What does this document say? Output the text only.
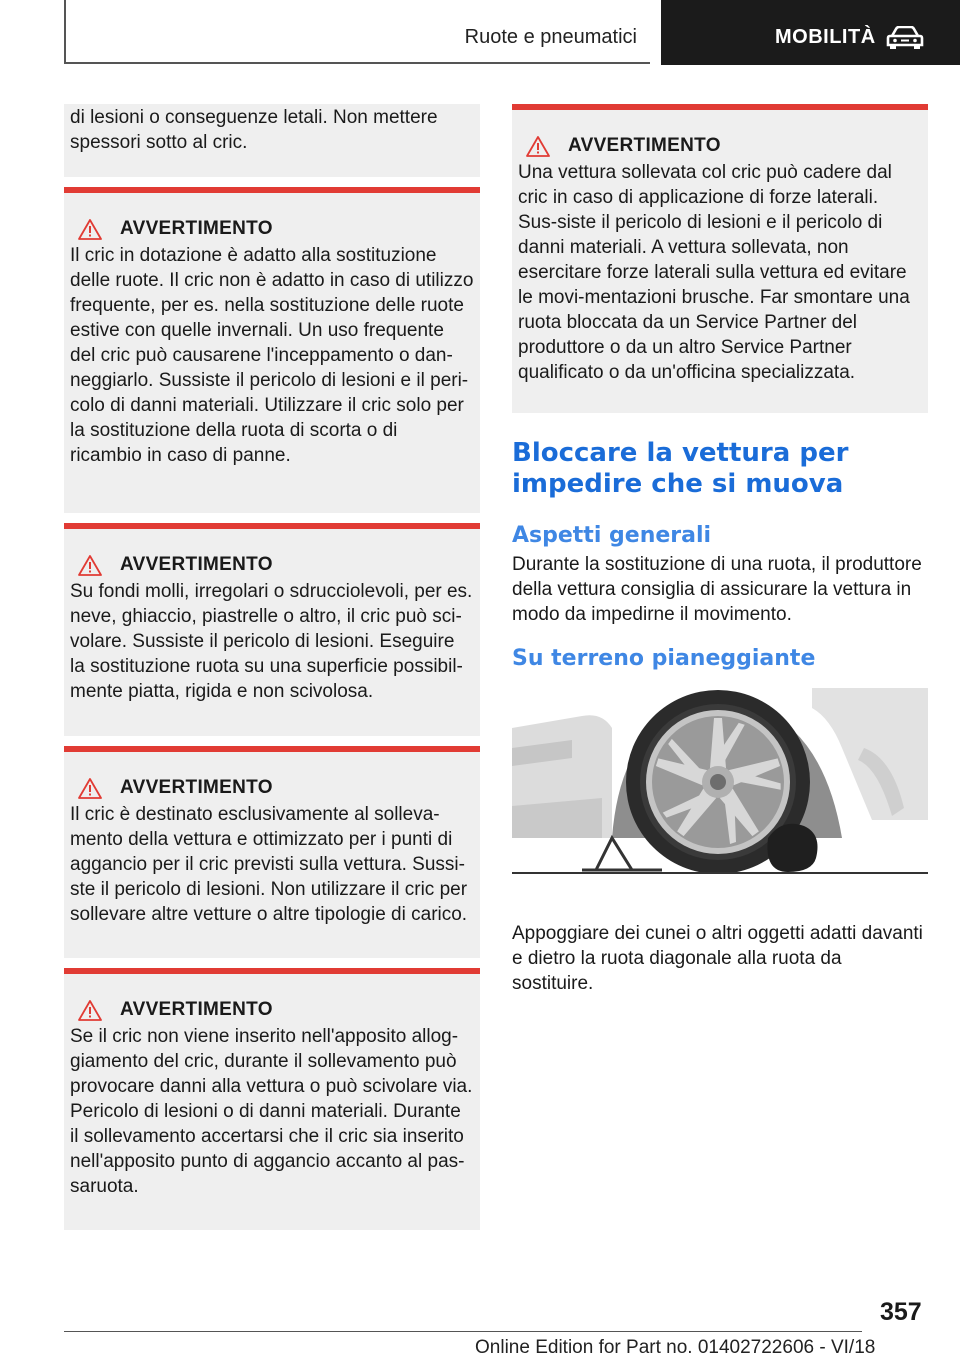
Ruote e pneumatici	MOBILITÀ

di lesioni o conseguenze letali. Non mettere spessori sotto al cric.

AVVERTIMENTO

Il cric in dotazione è adatto alla sostituzione delle ruote. Il cric non è adatto in caso di utilizzo frequente, per es. nella sostituzione delle ruote estive con quelle invernali. Un uso frequente del cric può causarene l'inceppamento o dan-neggiarlo. Sussiste il pericolo di lesioni e il peri-colo di danni materiali. Utilizzare il cric solo per la sostituzione della ruota di scorta o di ricambio in caso di panne.

AVVERTIMENTO

Su fondi molli, irregolari o sdrucciolevoli, per es. neve, ghiaccio, piastrelle o altro, il cric può sci-volare. Sussiste il pericolo di lesioni. Eseguire la sostituzione ruota su una superficie possibil-mente piatta, rigida e non scivolosa.

AVVERTIMENTO

Il cric è destinato esclusivamente al solleva-mento della vettura e ottimizzato per i punti di aggancio per il cric previsti sulla vettura. Sussi-ste il pericolo di lesioni. Non utilizzare il cric per sollevare altre vetture o altre tipologie di carico.

AVVERTIMENTO

Se il cric non viene inserito nell'apposito allog-giamento del cric, durante il sollevamento può provocare danni alla vettura o può scivolare via. Pericolo di lesioni o di danni materiali. Durante il sollevamento accertarsi che il cric sia inserito nell'apposito punto di aggancio accanto al pas-saruota.

AVVERTIMENTO

Una vettura sollevata col cric può cadere dal cric in caso di applicazione di forze laterali. Sus-siste il pericolo di lesioni e il pericolo di danni materiali. A vettura sollevata, non esercitare forze laterali sulla vettura ed evitare le movi-mentazioni brusche. Far smontare una ruota bloccata da un Service Partner del produttore o da un altro Service Partner qualificato o da un'officina specializzata.

Bloccare la vettura per impedire che si muova
Aspetti generali

Durante la sostituzione di una ruota, il produttore della vettura consiglia di assicurare la vettura in modo da impedirne il movimento.

Su terreno pianeggiante

Appoggiare dei cunei o altri oggetti adatti davanti e dietro la ruota diagonale alla ruota da sostituire.

357
Online Edition for Part no. 01402722606 - VI/18
